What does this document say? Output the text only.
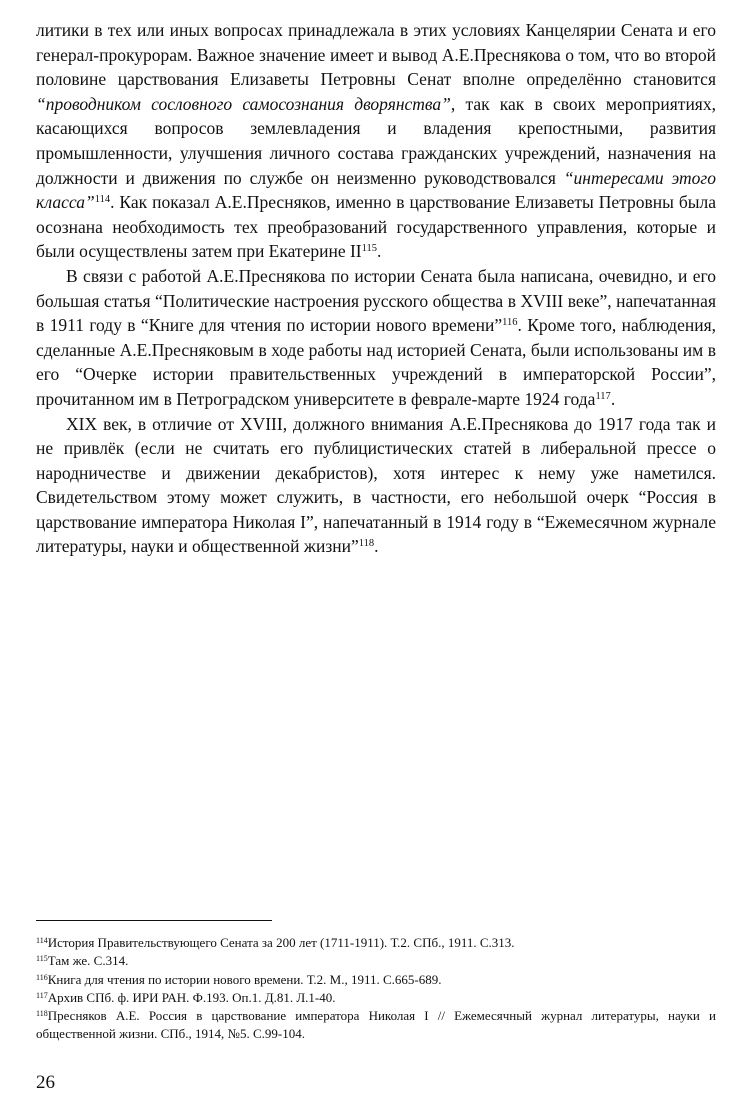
литики в тех или иных вопросах принадлежала в этих условиях Канцелярии Сената и его генерал-прокурорам. Важное значение имеет и вывод А.Е.Преснякова о том, что во второй половине царствования Елизаветы Петровны Сенат вполне определённо становится “проводником сословного самосознания дворянства”, так как в своих мероприятиях, касающихся вопросов землевладения и владения крепостными, развития промышленности, улучшения личного состава гражданских учреждений, назначения на должности и движения по службе он неизменно руководствовался “интересами этого класса”$^{114}$. Как показал А.Е.Пресняков, именно в царствование Елизаветы Петровны была осознана необходимость тех преобразований государственного управления, которые и были осуществлены затем при Екатерине II$^{115}$.

В связи с работой А.Е.Преснякова по истории Сената была написана, очевидно, и его большая статья “Политические настроения русского общества в XVIII веке”, напечатанная в 1911 году в “Книге для чтения по истории нового времени”$^{116}$. Кроме того, наблюдения, сделанные А.Е.Пресняковым в ходе работы над историей Сената, были использованы им в его “Очерке истории правительственных учреждений в императорской России”, прочитанном им в Петроградском университете в феврале-марте 1924 года$^{117}$.

XIX век, в отличие от XVIII, должного внимания А.Е.Преснякова до 1917 года так и не привлёк (если не считать его публицистических статей в либеральной прессе о народничестве и движении декабристов), хотя интерес к нему уже наметился. Свидетельством этому может служить, в частности, его небольшой очерк “Россия в царствование императора Николая I”, напечатанный в 1914 году в “Ежемесячном журнале литературы, науки и общественной жизни”$^{118}$.

$^{114}$История Правительствующего Сената за 200 лет (1711-1911). Т.2. СПб., 1911. С.313.

$^{115}$Там же. С.314.

$^{116}$Книга для чтения по истории нового времени. Т.2. М., 1911. С.665-689.

$^{117}$Архив СПб. ф. ИРИ РАН. Ф.193. Оп.1. Д.81. Л.1-40.

$^{118}$Пресняков А.Е. Россия в царствование императора Николая I // Ежемесячный журнал литературы, науки и общественной жизни. СПб., 1914, №5. С.99-104.

26
